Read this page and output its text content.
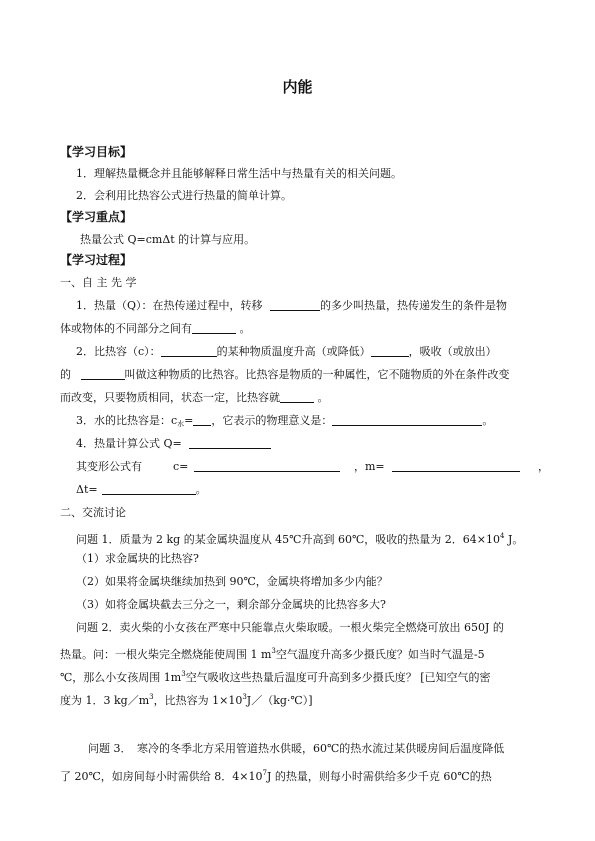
内能
【学习目标】
1．理解热量概念并且能够解释日常生活中与热量有关的相关问题。
2．会利用比热容公式进行热量的简单计算。
【学习重点】
热量公式 Q=cmΔt 的计算与应用。
【学习过程】
一、自 主 先 学
1．热量（Q）：在热传递过程中，转移	的多少叫热量，热传递发生的条件是物
体或物体的不同部分之间有	。
2．比热容（c）：	的某种物质温度升高（或降低）	，吸收（或放出）
的	叫做这种物质的比热容。比热容是物质的一种属性，它不随物质的外在条件改变
而改变，只要物质相同，状态一定，比热容就	。
3．水的比热容是：$c_水=$ ，它表示的物理意义是：	。
4．热量计算公式 Q=
其变形公式有	c=	，m=	，
Δt=	。
二、交流讨论
问题 1．质量为 2 kg 的某金属块温度从 45℃升高到 60℃，吸收的热量为 2．$64\times 10^4$ J。
（1）求金属块的比热容?
（2）如果将金属块继续加热到 90℃，金属块将增加多少内能？
（3）如将金属块截去三分之一，剩余部分金属块的比热容多大?
问题 2．卖火柴的小女孩在严寒中只能靠点火柴取暖。一根火柴完全燃烧可放出 650J 的
热量。问：一根火柴完全燃烧能使周围 1 $m^3$空气温度升高多少摄氏度？如当时气温是-5
℃，那么小女孩周围 $1m^3$空气吸收这些热量后温度可升高到多少摄氏度？ [已知空气的密
度为 1．3 $kg/m^3$，比热容为 $1\times 10^3J/(kg\cdot℃)$]
问题 3．　寒冷的冬季北方采用管道热水供暖，60℃的热水流过某供暖房间后温度降低
了 20℃，如房间每小时需供给 8．$4\times 10^7J$ 的热量，则每小时需供给多少千克 60℃的热
